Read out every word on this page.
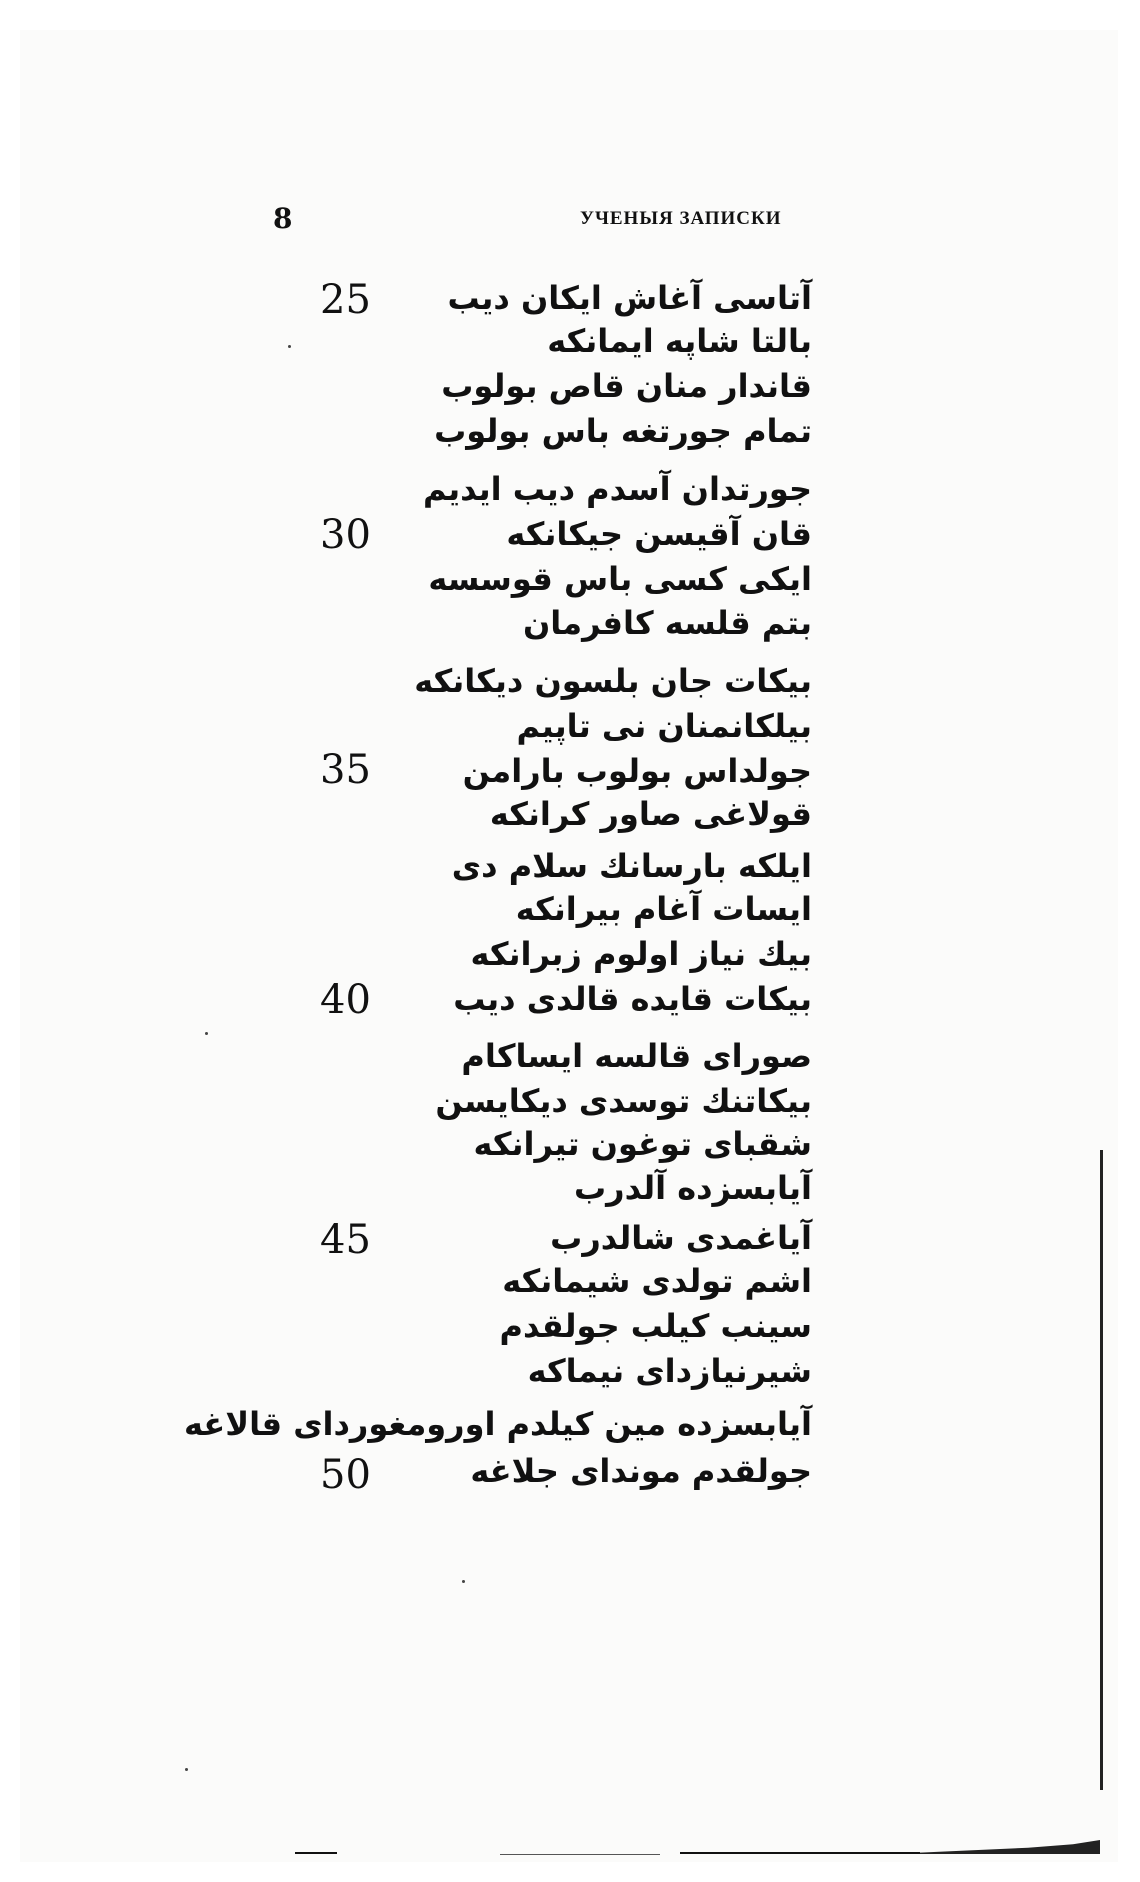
8	УЧЕНЫЯ ЗАПИСКИ
آتاسی آغاش ایکان دیب
بالتا شاپه ایمانکه
قاندار منان قاص بولوب
تمام جورتغه باس بولوب
جورتدان آسدم دیب ایدیم
قان آقیسن جیکانکه
ایکی کسی باس قوسسه
بتم قلسه کافرمان
بیکات جان بلسون دیکانکه
بیلکانمنان نی تاپیم
جولداس بولوب بارامن
قولاغی صاور کرانکه
ایلکه بارسانك سلام دی
ایسات آغام بیرانکه
بیك نیاز اولوم زبرانکه
بیکات قایده قالدی دیب
صورای قالسه ایساکام
بیکاتنك توسدی دیکایسن
شقبای توغون تیرانکه
آیابسزده آلدرب
آیاغمدی شالدرب
اشم تولدی شیمانکه
سینب کیلب جولقدم
شیرنیازدای نیماکه
آیابسزده مین کیلدم اورومغوردای قالاغه
جولقدم موندای جلاغه
25
30
35
40
45
50
